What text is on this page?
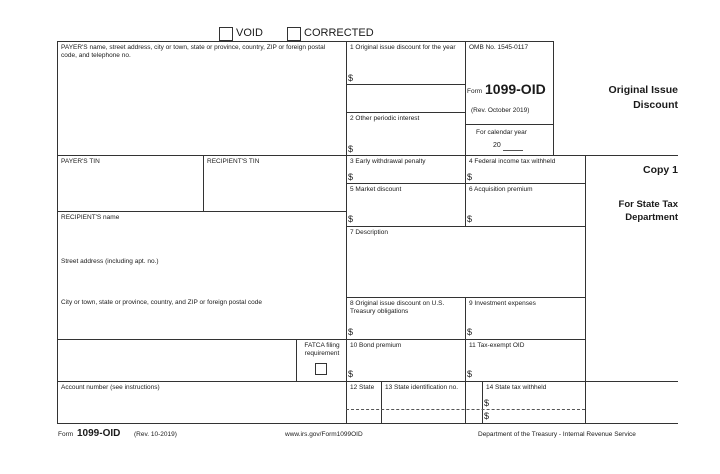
VOID	CORRECTED
PAYER'S name, street address, city or town, state or province, country, ZIP or foreign postal code, and telephone no.
PAYER'S TIN	RECIPIENT'S TIN
RECIPIENT'S name
Street address (including apt. no.)
City or town, state or province, country, and ZIP or foreign postal code
FATCA filing requirement
Account number (see instructions)
1 Original issue discount for the year
$
2 Other periodic interest
$
OMB No. 1545-0117
Form 1099-OID
(Rev. October 2019)
For calendar year
20
Original Issue
Discount
Copy 1
For State Tax
Department
3 Early withdrawal penalty
$
4 Federal income tax withheld
$
5 Market discount
$
6 Acquisition premium
$
7 Description
8 Original issue discount on U.S. Treasury obligations
$
9 Investment expenses
$
10 Bond premium
$
11 Tax-exempt OID
$
12 State 13 State identification no.	14 State tax withheld
$
$
Form 1099-OID (Rev. 10-2019)	www.irs.gov/Form1099OID	Department of the Treasury - Internal Revenue Service
